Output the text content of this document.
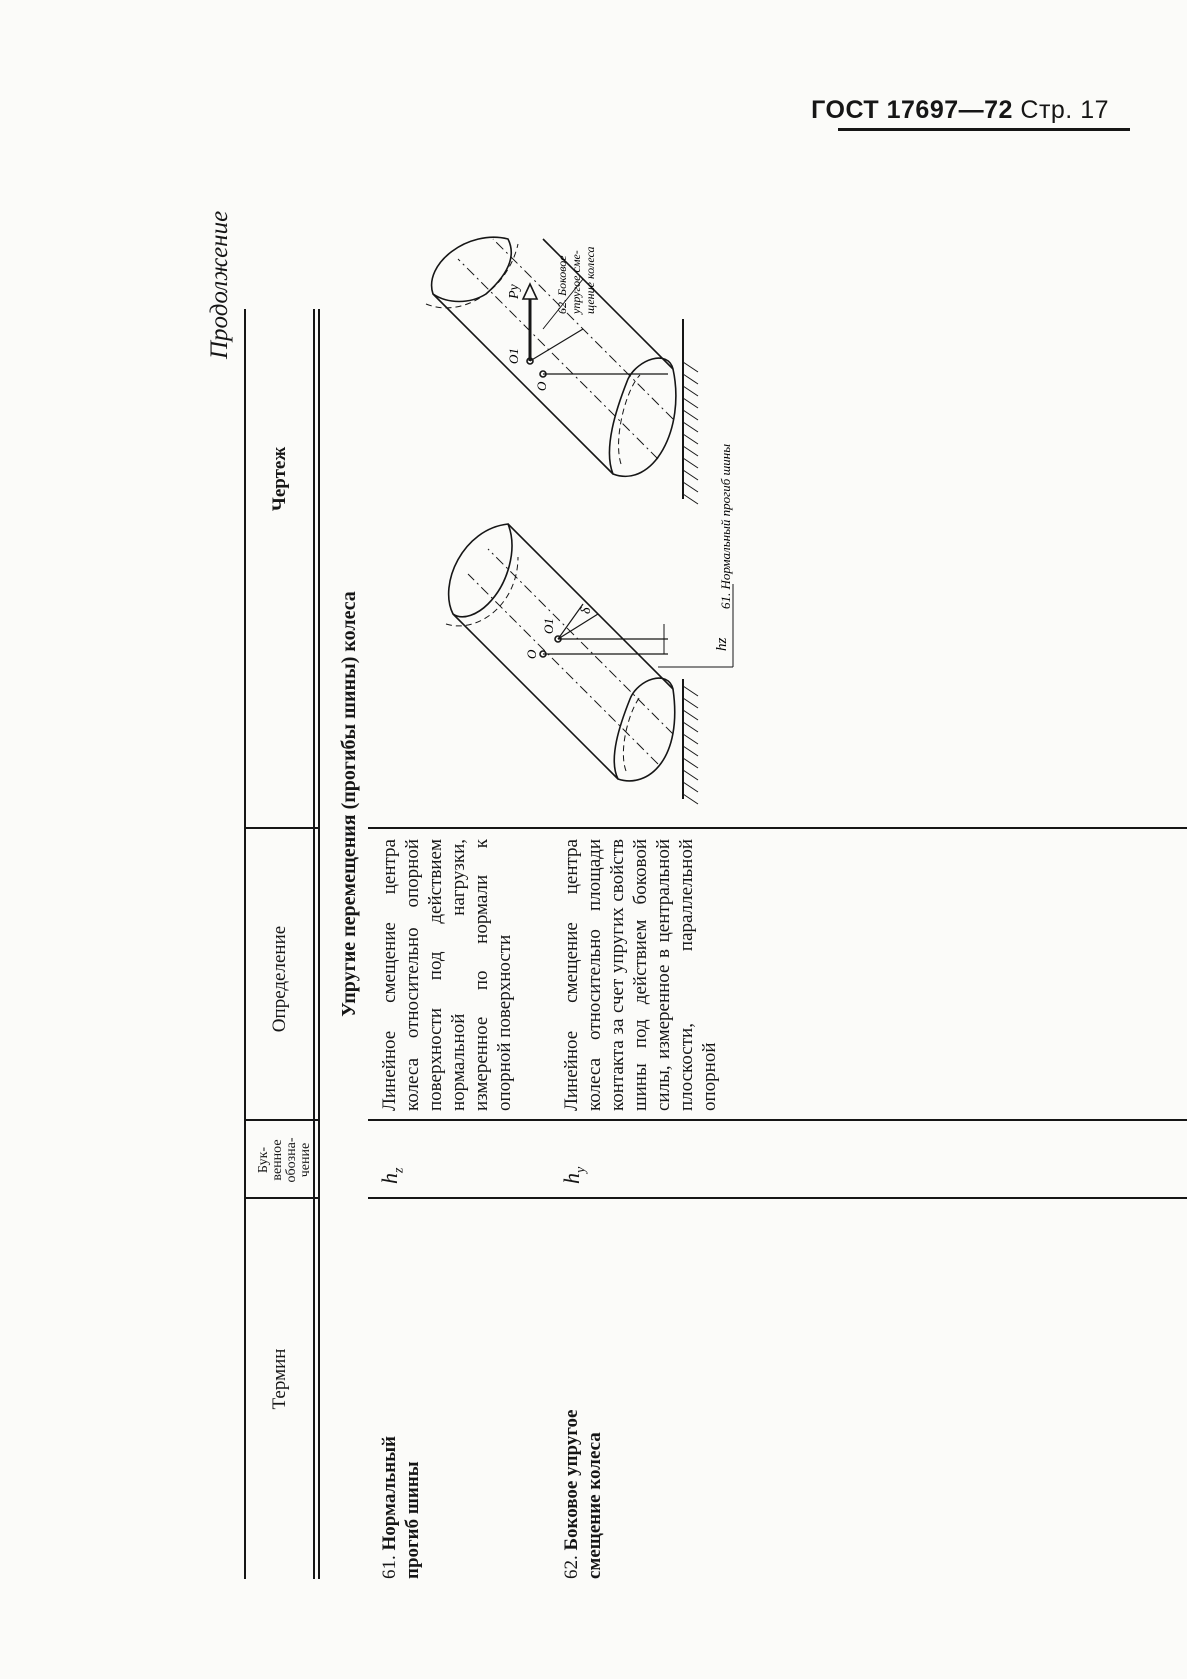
ГОСТ 17697—72 Стр. 17
Продолжение
Термин
Бук-венное обозна-чение
Определение
Чертеж
Упругие перемещения (прогибы шины) колеса
61. Нормальный прогиб шины
$h_z$
Линейное смещение центра колеса относительно опорной поверхности под действием нормальной нагрузки, измеренное по нормали к опорной поверхности
62. Боковое упругое смещение колеса
$h_y$
Линейное смещение центра колеса относительно площади контакта за счет упругих свойств шины под действием боковой силы, измеренное в центральной плоскости, параллельной опорной
O
O1
δ
hz
61. Нормальный прогиб шины
O
O1
Py	62. Боковое упругое сме- щение колеса
